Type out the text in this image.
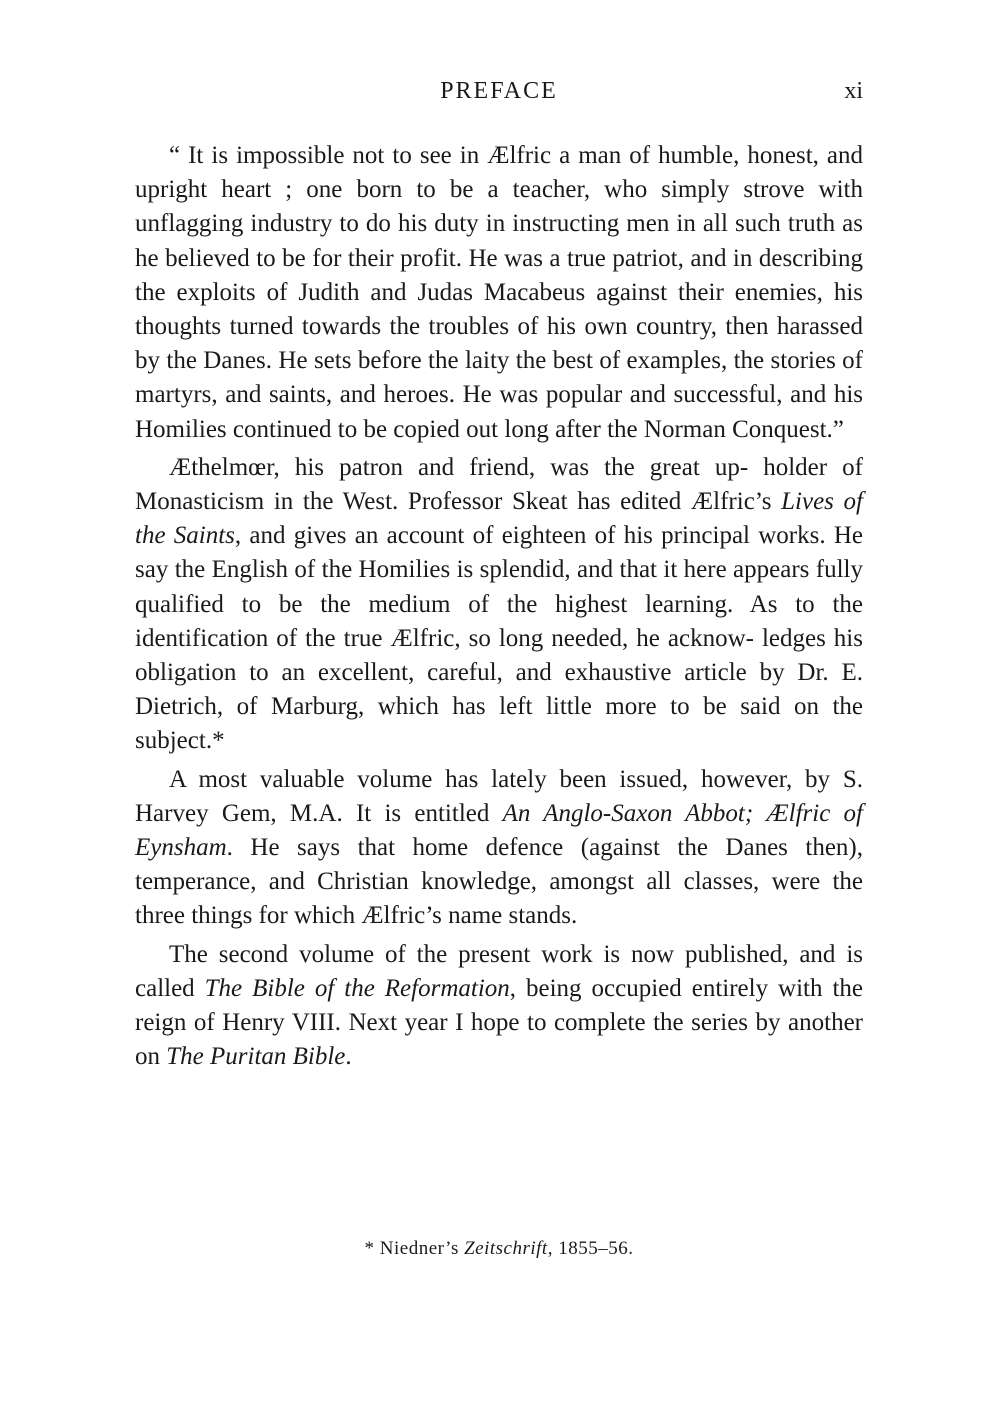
PREFACE	xi

“ It is impossible not to see in Ælfric a man of humble, honest, and upright heart ; one born to be a teacher, who simply strove with unflagging industry to do his duty in instructing men in all such truth as he believed to be for their profit. He was a true patriot, and in describing the exploits of Judith and Judas Macabeus against their enemies, his thoughts turned towards the troubles of his own country, then harassed by the Danes. He sets before the laity the best of examples, the stories of martyrs, and saints, and heroes. He was popular and successful, and his Homilies continued to be copied out long after the Norman Conquest.”

Æthelmœr, his patron and friend, was the great up- holder of Monasticism in the West. Professor Skeat has edited Ælfric’s Lives of the Saints, and gives an account of eighteen of his principal works. He say the English of the Homilies is splendid, and that it here appears fully qualified to be the medium of the highest learning. As to the identification of the true Ælfric, so long needed, he acknow- ledges his obligation to an excellent, careful, and exhaustive article by Dr. E. Dietrich, of Marburg, which has left little more to be said on the subject.*

A most valuable volume has lately been issued, however, by S. Harvey Gem, M.A. It is entitled An Anglo-Saxon Abbot; Ælfric of Eynsham. He says that home defence (against the Danes then), temperance, and Christian knowledge, amongst all classes, were the three things for which Ælfric’s name stands.

The second volume of the present work is now published, and is called The Bible of the Reformation, being occupied entirely with the reign of Henry VIII. Next year I hope to complete the series by another on The Puritan Bible.

* Niedner’s Zeitschrift, 1855–56.
